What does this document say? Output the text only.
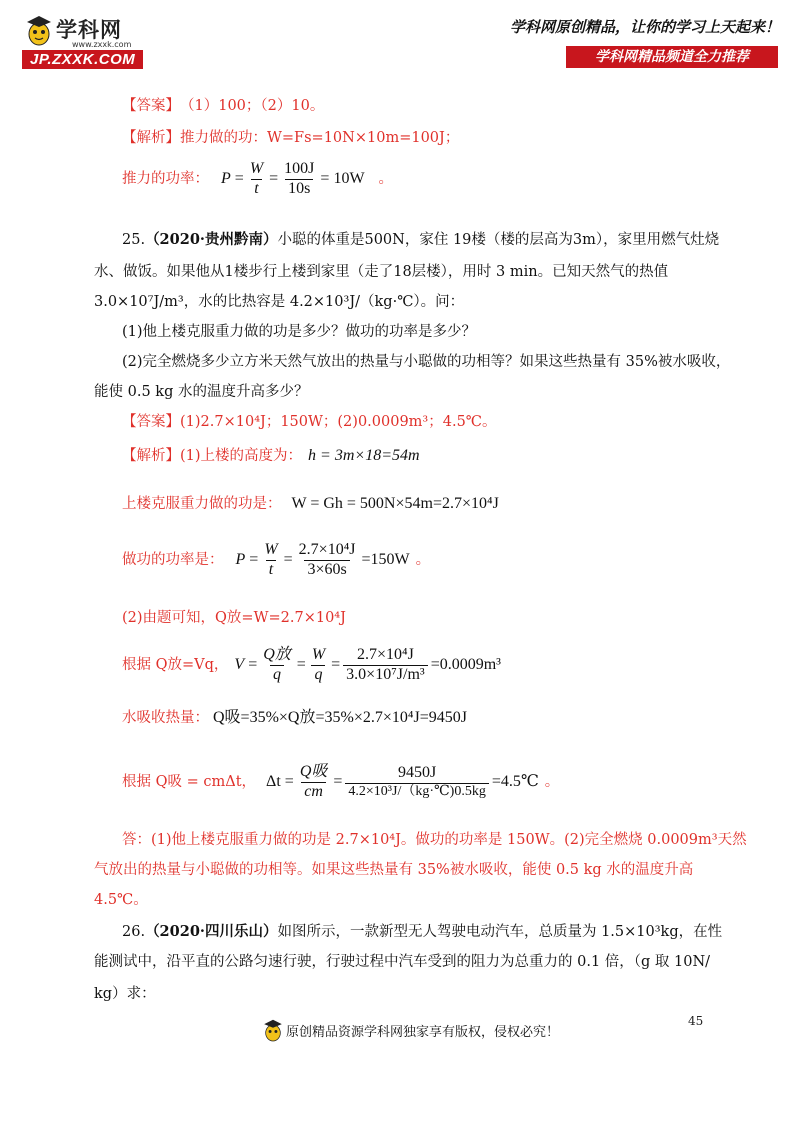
学科网
www.zxxk.com
JP.ZXXK.COM
学科网原创精品，让你的学习上天起来！
学科网精品频道全力推荐
【答案】 （1）100；（2）10。
【解析】 推力做的功：W=Fs=10N×10m=100J；
推力的功率： $P = \frac{W}{t} = \frac{100J}{10s} = 10W$ 。
25. （2020·贵州黔南） 小聪的体重是500N，家住 19楼（楼的层高为3m），家里用燃气灶烧
水、做饭。如果他从1楼步行上楼到家里（走了18层楼），用时 3 min。已知天然气的热值
3.0×10⁷J/m³，水的比热容是 4.2×10³J/（kg·℃）。问：
(1)他上楼克服重力做的功是多少？做功的功率是多少？
(2)完全燃烧多少立方米天然气放出的热量与小聪做的功相等？如果这些热量有 35%被水吸收，
能使 0.5 kg 水的温度升高多少？
【答案】 (1)2.7×10⁴J；150W；(2)0.0009m³；4.5℃。
【解析】 (1)上楼的高度为： h = 3m×18=54m
上楼克服重力做的功是： W = Gh = 500N×54m=2.7×10⁴J
做功的功率是： $P = \frac{W}{t} = \frac{\text{2.7×10⁴J}}{3\times 60s} = 150W$ 。
(2)由题可知，Q放=W=2.7×10⁴J
根据 Q放=Vq， $V = \frac{\text{Q放}}{q} = \frac{W}{q} = \frac{\text{2.7×10⁴J}}{\text{3.0×10⁷J/m³}} = 0.0009m^3$
水吸收热量： Q吸=35%×Q放=35%×2.7×10⁴J=9450J
根据 Q吸 = cmΔt， $\Delta t = \frac{\text{Q吸}}{cm} = \frac{9450J}{\text{4.2×10³J/（kg·℃)0.5kg}}$ = 4.5℃ 。
答：(1)他上楼克服重力做的功是 2.7×10⁴J。做功的功率是 150W。(2)完全燃烧 0.0009m³天然
气放出的热量与小聪做的功相等。如果这些热量有 35%被水吸收，能使 0.5 kg 水的温度升高
4.5℃。
26. （2020·四川乐山） 如图所示，一款新型无人驾驶电动汽车，总质量为 1.5×10³kg，在性
能测试中，沿平直的公路匀速行驶，行驶过程中汽车受到的阻力为总重力的 0.1 倍，（g 取 10N/
kg）求：
45
原创精品资源学科网独家享有版权，侵权必究！
